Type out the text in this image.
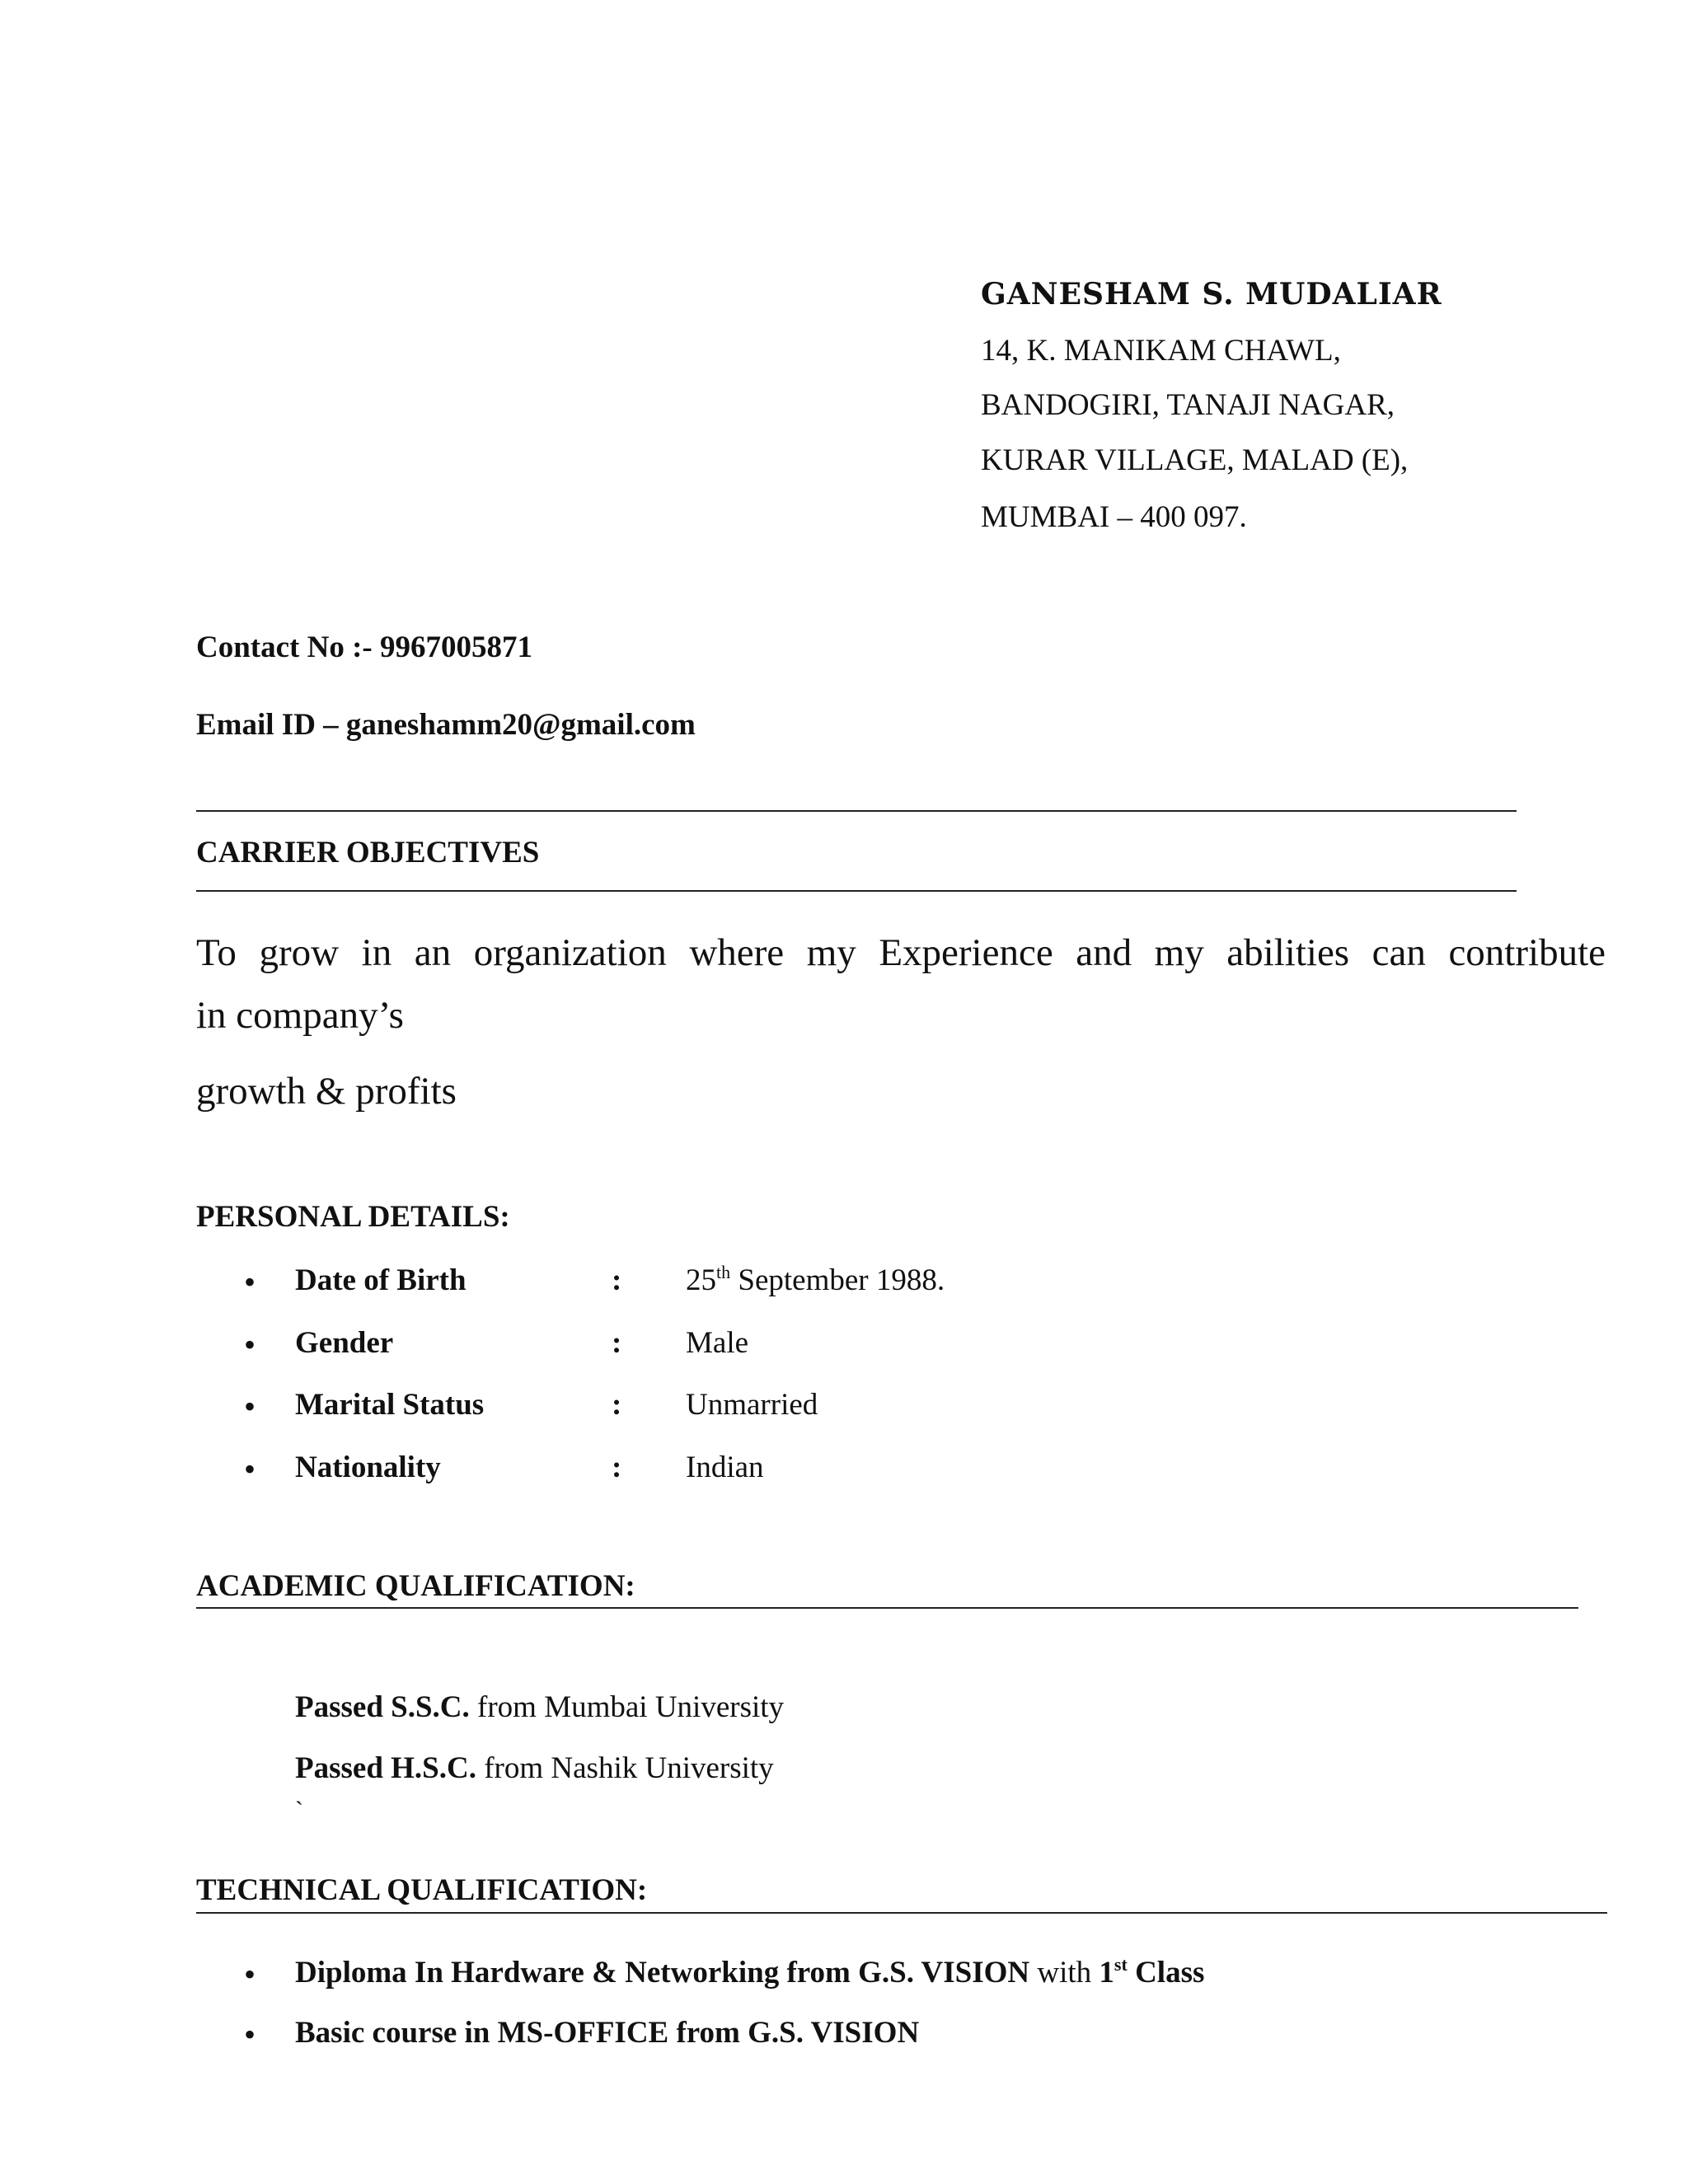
GANESHAM S. MUDALIAR
14, K. MANIKAM CHAWL,
BANDOGIRI, TANAJI NAGAR,
KURAR VILLAGE, MALAD (E),
MUMBAI – 400 097.
Contact No :- 9967005871
Email ID – ganeshamm20@gmail.com
CARRIER OBJECTIVES
To grow in an organization where my Experience and my abilities can contribute
in company’s
growth & profits
PERSONAL DETAILS:
• Date of Birth	: 25th September 1988.
• Gender	: Male
• Marital Status	: Unmarried
• Nationality	: Indian
ACADEMIC QUALIFICATION:
Passed S.S.C. from Mumbai University
Passed H.S.C. from Nashik University
`
TECHNICAL QUALIFICATION:
• Diploma In Hardware & Networking from G.S. VISION with 1st Class
• Basic course in MS-OFFICE from G.S. VISION
